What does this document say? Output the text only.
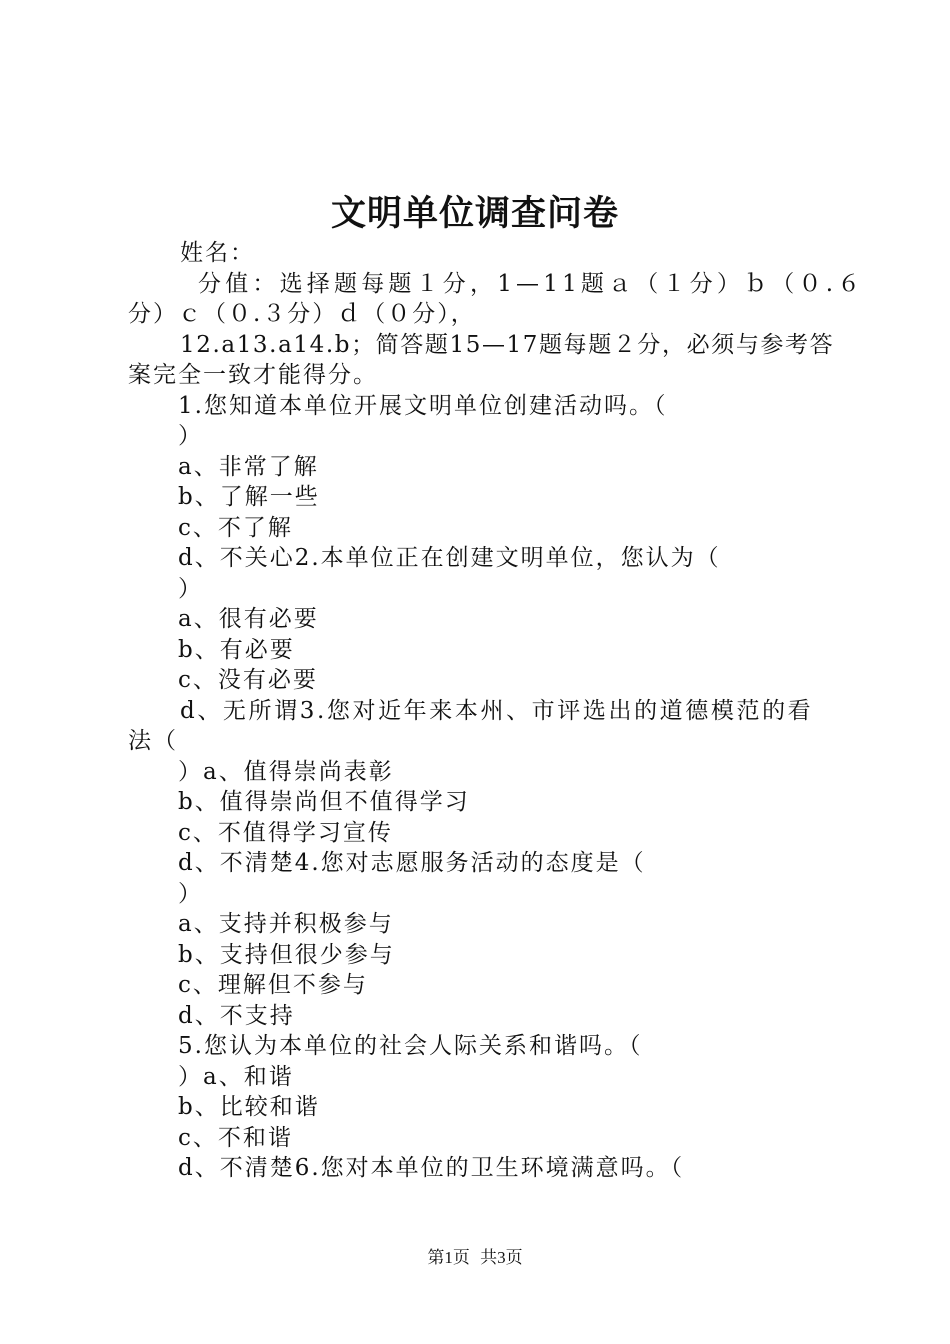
文明单位调查问卷
姓名：
分值：选择题每题１分，1—11题ａ（１分）ｂ（０.６
分）ｃ（０.３分）ｄ（０分），
12.a13.a14.b；简答题15—17题每题２分，必须与参考答
案完全一致才能得分。
1.您知道本单位开展文明单位创建活动吗。（
）
a、非常了解
b、了解一些
c、不了解
d、不关心2.本单位正在创建文明单位，您认为（
）
a、很有必要
b、有必要
c、没有必要
d、无所谓3.您对近年来本州、市评选出的道德模范的看
法（
）a、值得崇尚表彰
b、值得崇尚但不值得学习
c、不值得学习宣传
d、不清楚4.您对志愿服务活动的态度是（
）
a、支持并积极参与
b、支持但很少参与
c、理解但不参与
d、不支持
5.您认为本单位的社会人际关系和谐吗。（
）a、和谐
b、比较和谐
c、不和谐
d、不清楚6.您对本单位的卫生环境满意吗。（
第1页 共3页
